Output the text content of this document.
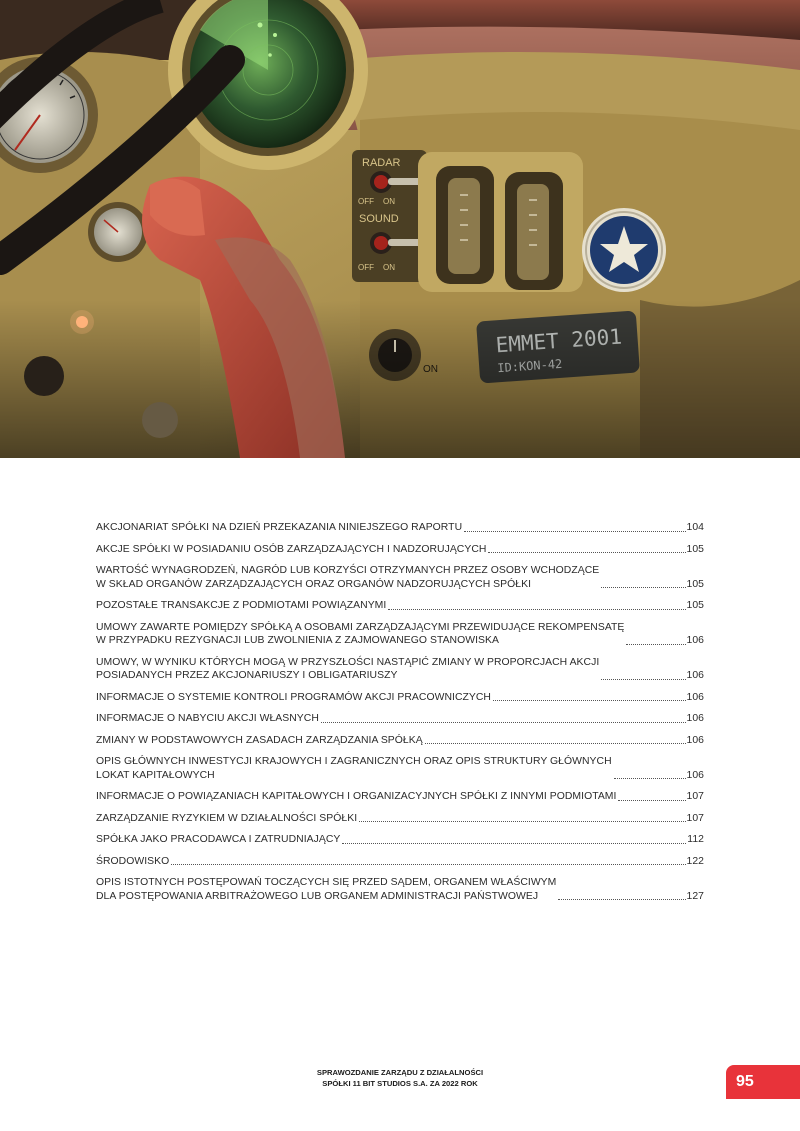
RADAR
OFF ON
SOUND
OFF ON
AKCJONARIAT SPÓŁKI NA DZIEŃ PRZEKAZANIA NINIEJSZEGO RAPORTU	104
AKCJE SPÓŁKI W POSIADANIU OSÓB ZARZĄDZAJĄCYCH I NADZORUJĄCYCH	105
WARTOŚĆ WYNAGRODZEŃ, NAGRÓD LUB KORZYŚCI OTRZYMANYCH PRZEZ OSOBY WCHODZĄCE
W SKŁAD ORGANÓW ZARZĄDZAJĄCYCH ORAZ ORGANÓW NADZORUJĄCYCH SPÓŁKI	105
POZOSTAŁE TRANSAKCJE Z PODMIOTAMI POWIĄZANYMI	105
UMOWY ZAWARTE POMIĘDZY SPÓŁKĄ A OSOBAMI ZARZĄDZAJĄCYMI PRZEWIDUJĄCE REKOMPENSATĘ
W PRZYPADKU REZYGNACJI LUB ZWOLNIENIA Z ZAJMOWANEGO STANOWISKA	106
UMOWY, W WYNIKU KTÓRYCH MOGĄ W PRZYSZŁOŚCI NASTĄPIĆ ZMIANY W PROPORCJACH AKCJI
POSIADANYCH PRZEZ AKCJONARIUSZY I OBLIGATARIUSZY	106
INFORMACJE O SYSTEMIE KONTROLI PROGRAMÓW AKCJI PRACOWNICZYCH	106
INFORMACJE O NABYCIU AKCJI WŁASNYCH	106
ZMIANY W PODSTAWOWYCH ZASADACH ZARZĄDZANIA SPÓŁKĄ	106
OPIS GŁÓWNYCH INWESTYCJI KRAJOWYCH I ZAGRANICZNYCH ORAZ OPIS STRUKTURY GŁÓWNYCH
LOKAT KAPITAŁOWYCH	106
INFORMACJE O POWIĄZANIACH KAPITAŁOWYCH I ORGANIZACYJNYCH SPÓŁKI Z INNYMI PODMIOTAMI	107
ZARZĄDZANIE RYZYKIEM W DZIAŁALNOŚCI SPÓŁKI	107
SPÓŁKA JAKO PRACODAWCA I ZATRUDNIAJĄCY	112
ŚRODOWISKO	122
OPIS ISTOTNYCH POSTĘPOWAŃ TOCZĄCYCH SIĘ PRZED SĄDEM, ORGANEM WŁAŚCIWYM
DLA POSTĘPOWANIA ARBITRAŻOWEGO LUB ORGANEM ADMINISTRACJI PAŃSTWOWEJ	127
SPRAWOZDANIE ZARZĄDU Z DZIAŁALNOŚCI
SPÓŁKI 11 BIT STUDIOS S.A. ZA 2022 ROK	95
